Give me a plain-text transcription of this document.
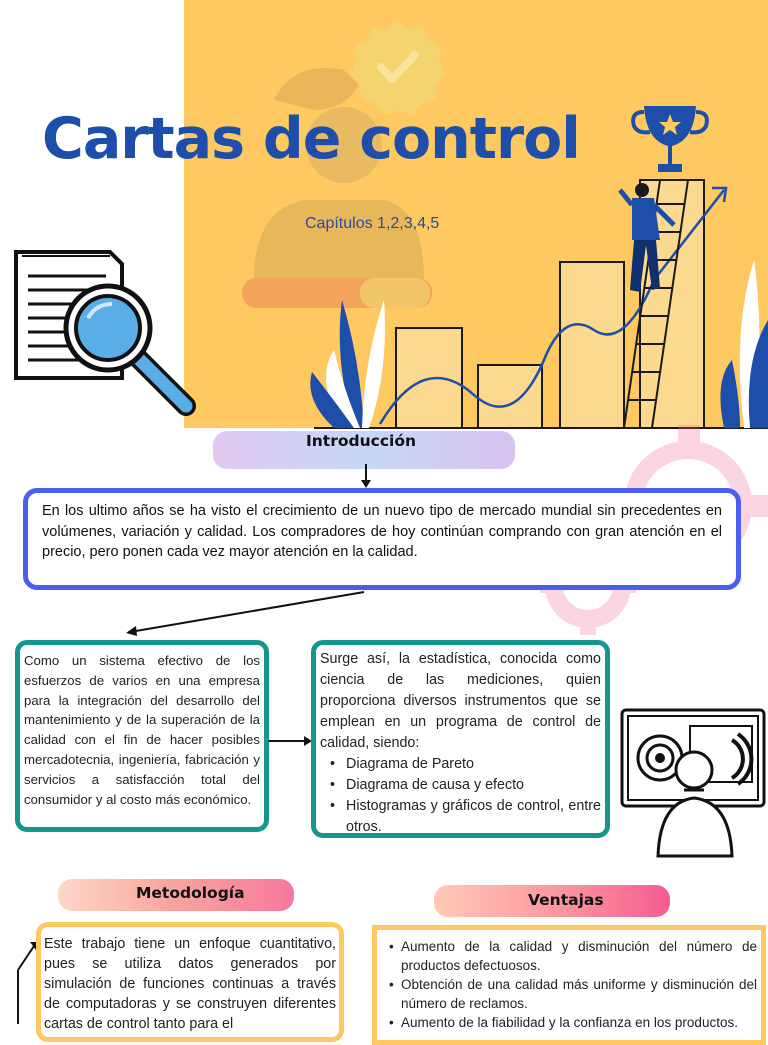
Cartas de control
Capítulos 1,2,3,4,5
Introducción
En los ultimo años se ha visto el crecimiento de un nuevo tipo de mercado mundial sin precedentes en volúmenes, variación y calidad. Los compradores de hoy continúan comprando con gran atención en el precio, pero ponen cada vez mayor atención en la calidad.
Como un sistema efectivo de los esfuerzos de varios en una empresa para la integración del desarrollo del mantenimiento y de la superación de la calidad con el fin de hacer posibles mercadotecnia, ingeniería, fabricación y servicios a satisfacción total del consumidor y al costo más económico.
Surge así, la estadística, conocida como ciencia de las mediciones, quien proporciona diversos instrumentos que se emplean en un programa de control de calidad, siendo:
• Diagrama de Pareto
• Diagrama de causa y efecto
• Histogramas y gráficos de control, entre otros.
Metodología	Ventajas
Este trabajo tiene un enfoque cuantitativo, pues se utiliza datos generados por simulación de funciones continuas a través de computadoras y se construyen diferentes cartas de control tanto para el
• Aumento de la calidad y disminución del número de productos defectuosos.
• Obtención de una calidad más uniforme y disminución del número de reclamos.
• Aumento de la fiabilidad y la confianza en los productos.
